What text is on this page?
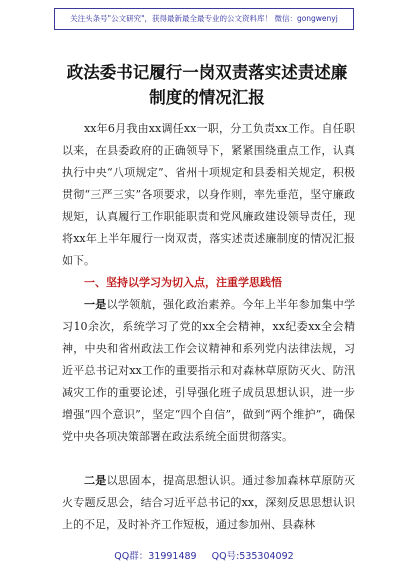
关注头条号"公文研究"，获得最新最全最专业的公文资料库！ 微信：gongwenyj
政法委书记履行一岗双责落实述责述廉制度的情况汇报
xx年6月我由xx调任xx一职，分工负责xx工作。自任职以来，在县委政府的正确领导下，紧紧围绕重点工作，认真执行中央“八项规定”、省州十项规定和县委相关规定，积极贯彻“三严三实”各项要求，以身作则，率先垂范，坚守廉政规矩，认真履行工作职能职责和党风廉政建设领导责任，现将xx年上半年履行一岗双责，落实述责述廉制度的情况汇报如下。
一、坚持以学习为切入点，注重学思践悟
一是以学领航，强化政治素养。今年上半年参加集中学习10余次，系统学习了党的xx全会精神，xx纪委xx全会精神，中央和省州政法工作会议精神和系列党内法律法规，习近平总书记对xx工作的重要指示和对森林草原防灭火、防汛减灾工作的重要论述，引导强化班子成员思想认识，进一步增强“四个意识”，坚定“四个自信”，做到“两个维护”，确保党中央各项决策部署在政法系统全面贯彻落实。
二是以思固本，提高思想认识。通过参加森林草原防灭火专题反思会，结合习近平总书记的xx，深刻反思思想认识上的不足，及时补齐工作短板，通过参加州、县森林
QQ群：31991489 QQ号:535304092
